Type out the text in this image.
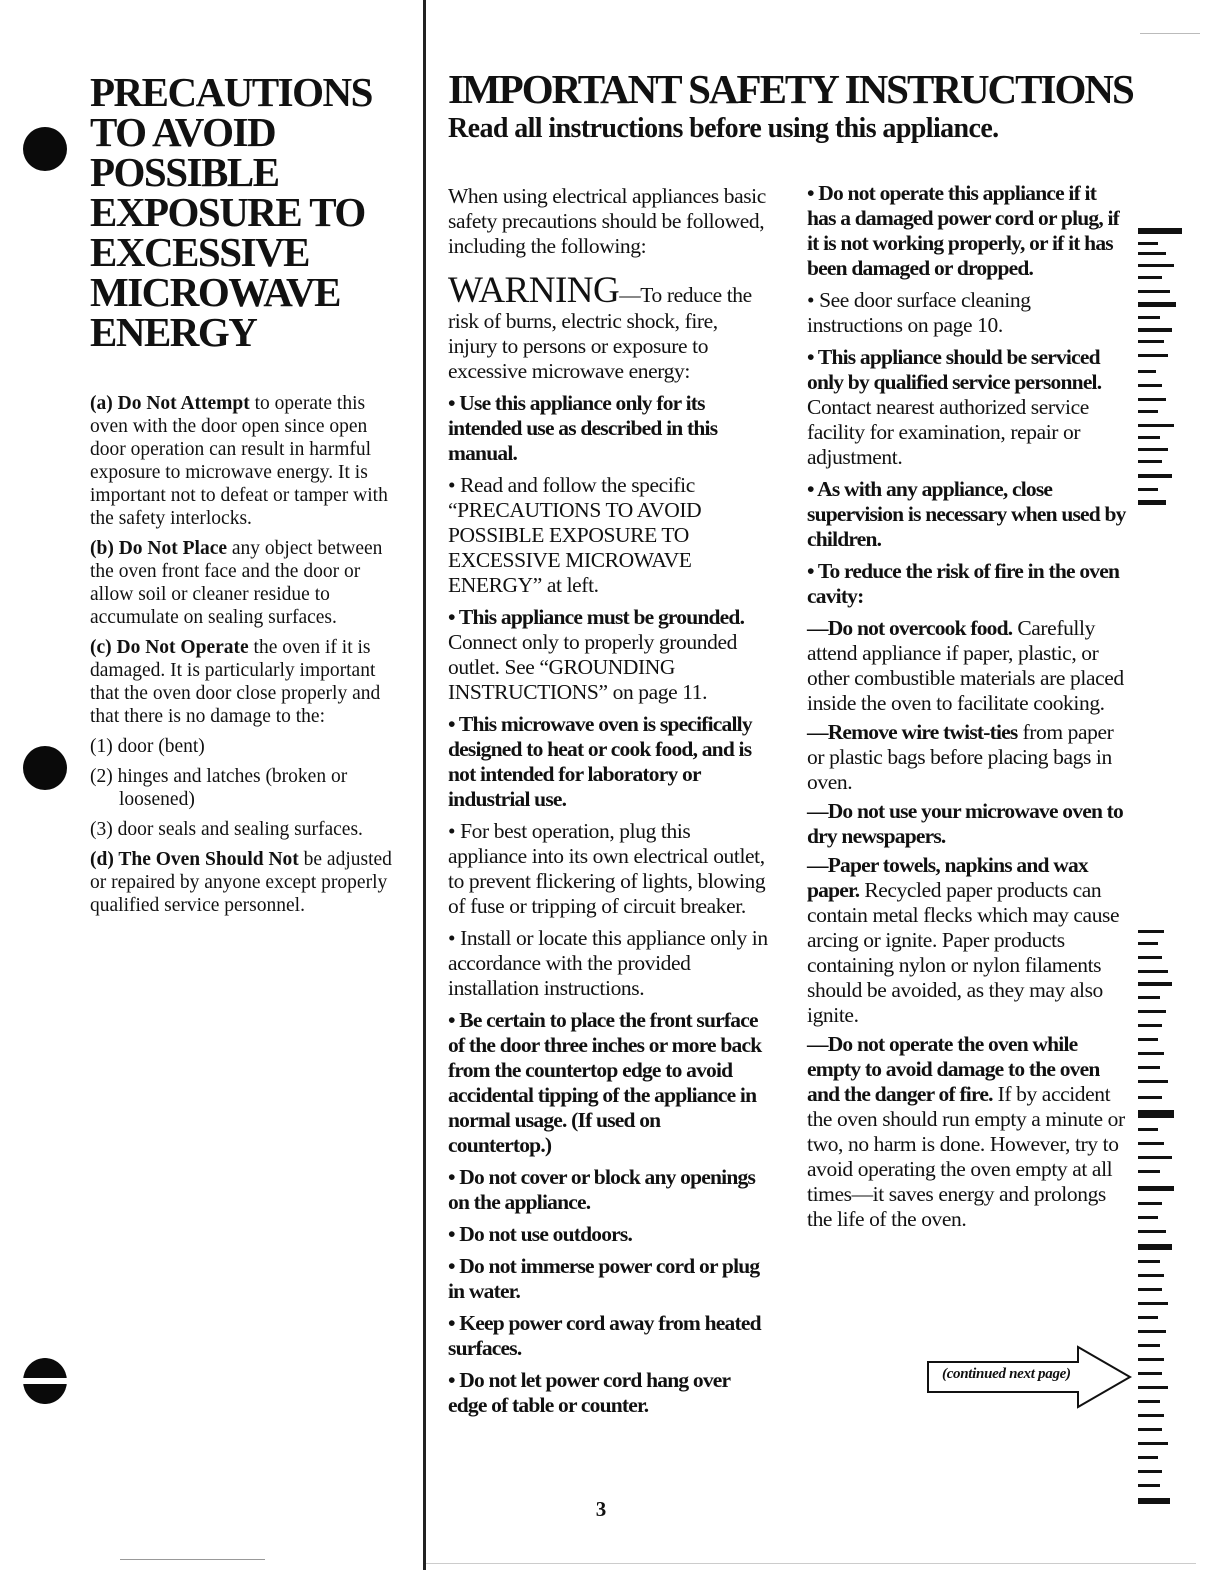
PRECAUTIONS
TO AVOID
POSSIBLE
EXPOSURE TO
EXCESSIVE
MICROWAVE
ENERGY

(a) Do Not Attempt to operate this oven with the door open since open door operation can result in harmful exposure to microwave energy. It is important not to defeat or tamper with the safety interlocks.

(b) Do Not Place any object between the oven front face and the door or allow soil or cleaner residue to accumulate on sealing surfaces.

(c) Do Not Operate the oven if it is damaged. It is particularly important that the oven door close properly and that there is no damage to the:

(1) door (bent)

(2) hinges and latches (broken or loosened)

(3) door seals and sealing surfaces.

(d) The Oven Should Not be adjusted or repaired by anyone except properly qualified service personnel.

IMPORTANT SAFETY INSTRUCTIONS
Read all instructions before using this appliance.

When using electrical appliances basic safety precautions should be followed, including the following:

WARNING—To reduce the risk of burns, electric shock, fire, injury to persons or exposure to excessive microwave energy:

• Use this appliance only for its intended use as described in this manual.

• Read and follow the specific “PRECAUTIONS TO AVOID POSSIBLE EXPOSURE TO EXCESSIVE MICROWAVE ENERGY” at left.

• This appliance must be grounded. Connect only to properly grounded outlet. See “GROUNDING INSTRUCTIONS” on page 11.

• This microwave oven is specifically designed to heat or cook food, and is not intended for laboratory or industrial use.

• For best operation, plug this appliance into its own electrical outlet, to prevent flickering of lights, blowing of fuse or tripping of circuit breaker.

• Install or locate this appliance only in accordance with the provided installation instructions.

• Be certain to place the front surface of the door three inches or more back from the countertop edge to avoid accidental tipping of the appliance in normal usage. (If used on countertop.)

• Do not cover or block any openings on the appliance.

• Do not use outdoors.

• Do not immerse power cord or plug in water.

• Keep power cord away from heated surfaces.

• Do not let power cord hang over edge of table or counter.

• Do not operate this appliance if it has a damaged power cord or plug, if it is not working properly, or if it has been damaged or dropped.

• See door surface cleaning instructions on page 10.

• This appliance should be serviced only by qualified service personnel. Contact nearest authorized service facility for examination, repair or adjustment.

• As with any appliance, close supervision is necessary when used by children.

• To reduce the risk of fire in the oven cavity:

—Do not overcook food. Carefully attend appliance if paper, plastic, or other combustible materials are placed inside the oven to facilitate cooking.

—Remove wire twist-ties from paper or plastic bags before placing bags in oven.

—Do not use your microwave oven to dry newspapers.

—Paper towels, napkins and wax paper. Recycled paper products can contain metal flecks which may cause arcing or ignite. Paper products containing nylon or nylon filaments should be avoided, as they may also ignite.

—Do not operate the oven while empty to avoid damage to the oven and the danger of fire. If by accident the oven should run empty a minute or two, no harm is done. However, try to avoid operating the oven empty at all times—it saves energy and prolongs the life of the oven.

(continued next page)
3
